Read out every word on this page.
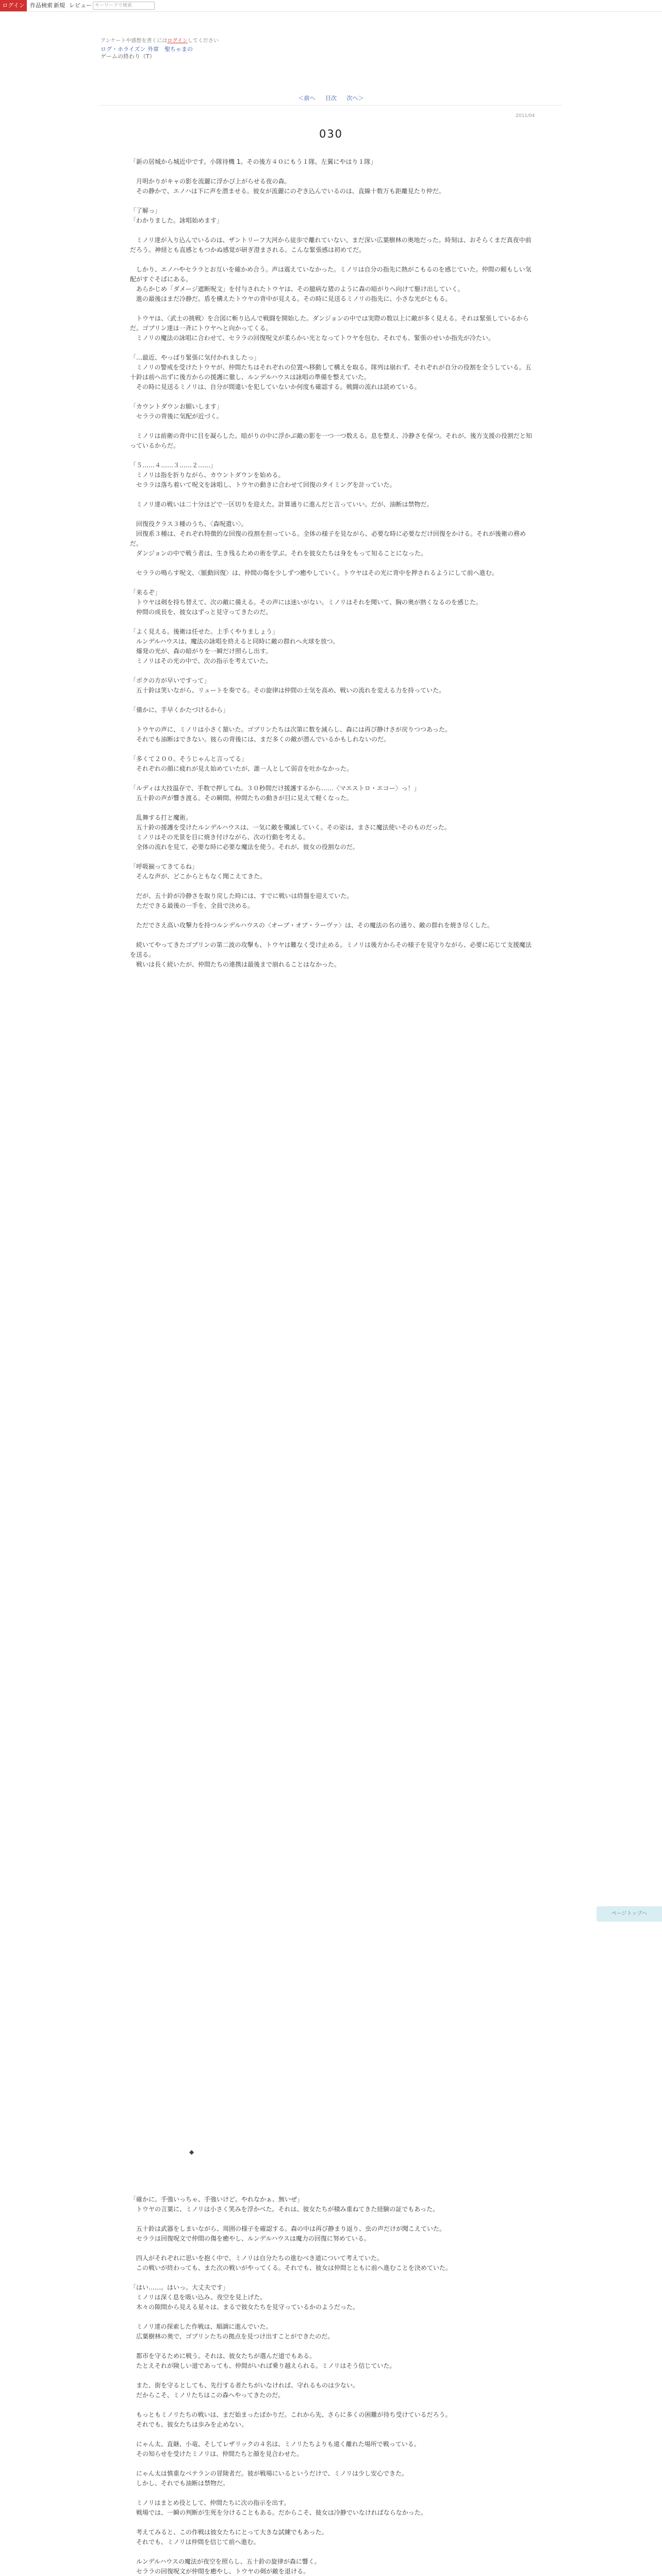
ログイン 作品検索 新規 レビュー キーワードで検索
アンケートや感想を書くにはログインしてください
ログ・ホライズン 外章　聖ちゃまの
ゲームの終わり（T）
＜前へ 目次 次へ＞
2011/04
030

「新の居城から城近中です。小隊待機 1。その後方４０にもう１隊。左翼にやはり１隊」

　月明かりがキャの影を流麗に浮かび上がらせる夜の森。

　その静かで、エノハは下に声を潜ませる。彼女が流麗にのぞき込んでいるのは、直線十数万も距離見たり仲だ。

「了解っ」

「わかりました。詠唱始めます」

　ミノリ達が入り込んでいるのは、ザントリーフ大河から徒歩で離れていない、まだ深い広葉樹林の奥地だった。時刻は、おそらくまだ真夜中前だろう。神経とも直感ともつかぬ感覚が研ぎ澄まされる。こんな緊張感は初めてだ。

　しかり、エノハやセララとお互いを確かめ合う。声は震えていなかった。ミノリは自分の指先に熱がこもるのを感じていた。仲間の頼もしい気配がすぐそばにある。

　あらかじめ「ダメージ遮断呪文」を付与されたトウヤは、その臆病な猪のように森の暗がりへ向けて駆け出していく。

　進の最後はまだ冷静だ。盾を構えたトウヤの背中が見える。その時に見送るミノリの指先に、小さな光がともる。

　トウヤは、〈武士の挑戦〉を合図に斬り込んで戦闘を開始した。ダンジョンの中では実際の数以上に敵が多く見える。それは緊張しているからだ。ゴブリン達は一斉にトウヤへと向かってくる。

　ミノリの魔法の詠唱に合わせて、セララの回復呪文が柔らかい光となってトウヤを包む。それでも、緊張のせいか指先が冷たい。

「…最近、やっぱり緊張に気付かれましたっ」

　ミノリの警戒を受けたトウヤが、仲間たちはそれぞれの位置へ移動して構えを取る。隊列は崩れず、それぞれが自分の役割を全うしている。五十鈴は前へ出ずに後方からの援護に徹し、ルンデルハウスは詠唱の準備を整えていた。

　その時に見送るミノリは、自分が間違いを犯していないか何度も確認する。戦闘の流れは読めている。

「カウントダウンお願いします」

　セララの背後に気配が近づく。

　ミノリは前衛の背中に目を凝らした。暗がりの中に浮かぶ敵の影を一つ一つ数える。息を整え、冷静さを保つ。それが、後方支援の役割だと知っているからだ。

「５……４……３……２……」

　ミノリは指を折りながら、カウントダウンを始める。

　セララは落ち着いて呪文を詠唱し、トウヤの動きに合わせて回復のタイミングを計っていた。

　ミノリ達の戦いは二十分ほどで一区切りを迎えた。計算通りに進んだと言っていい。だが、油断は禁物だ。

　回復役クラス３種のうち、〈森呪遣い〉。

　回復系３種は、それぞれ特徴的な回復の役割を担っている。全体の様子を見ながら、必要な時に必要なだけ回復をかける。それが後衛の務めだ。

　ダンジョンの中で戦う者は、生き残るための術を学ぶ。それを彼女たちは身をもって知ることになった。

　セララの鳴らす呪文、〈脈動回復〉は、仲間の傷を少しずつ癒やしていく。トウヤはその光に背中を押されるようにして前へ進む。

「来るぞ」

　トウヤは剣を持ち替えて、次の敵に備える。その声には迷いがない。ミノリはそれを聞いて、胸の奥が熱くなるのを感じた。

　仲間の成長を、彼女はずっと見守ってきたのだ。

「よく見える。後衛は任せた。上手くやりましょう」

　ルンデルハウスは、魔法の詠唱を終えると同時に敵の群れへ火球を放つ。

　爆発の光が、森の暗がりを一瞬だけ照らし出す。

　ミノリはその光の中で、次の指示を考えていた。

「ボクの方が早いですって」

　五十鈴は笑いながら、リュートを奏でる。その旋律は仲間の士気を高め、戦いの流れを変える力を持っていた。

「備かに、手早くかたづけるから」

　トウヤの声に、ミノリは小さく頷いた。ゴブリンたちは次第に数を減らし、森には再び静けさが戻りつつあった。

　それでも油断はできない。彼らの背後には、まだ多くの敵が潜んでいるかもしれないのだ。

「多くて２００。そうじゃんと言ってる」

　それぞれの顔に疲れが見え始めていたが、誰一人として弱音を吐かなかった。

「ルディは大技温存で、手数で押してね。３０秒間だけ援護するから……〈マエストロ・エコー〉っ！」

　五十鈴の声が響き渡る。その瞬間、仲間たちの動きが目に見えて軽くなった。

　乱舞する打と魔術。

　五十鈴の援護を受けたルンデルハウスは、一気に敵を殲滅していく。その姿は、まさに魔法使いそのものだった。

　ミノリはその光景を目に焼き付けながら、次の行動を考える。

　全体の流れを見て、必要な時に必要な魔法を使う。それが、彼女の役割なのだ。

「呼吸揃ってきてるね」

　そんな声が、どこからともなく聞こえてきた。

　だが、五十鈴が冷静さを取り戻した時には、すでに戦いは終盤を迎えていた。

　ただできる最後の一手を、全員で決める。

　ただでさえ高い攻撃力を持つルンデルハウスの〈オーブ・オブ・ラーヴァ〉は、その魔法の名の通り、敵の群れを焼き尽くした。

　続いてやってきたゴブリンの第二波の攻撃も、トウヤは難なく受け止める。ミノリは後方からその様子を見守りながら、必要に応じて支援魔法を送る。

　戦いは長く続いたが、仲間たちの連携は最後まで崩れることはなかった。

◆

「確かに。手強いっちゃ、手強いけど。やれなかぁ、無いぜ」

　トウヤの言葉に、ミノリは小さく笑みを浮かべた。それは、彼女たちが積み重ねてきた経験の証でもあった。

　五十鈴は武器をしまいながら、周囲の様子を確認する。森の中は再び静まり返り、虫の声だけが聞こえていた。

　セララは回復呪文で仲間の傷を癒やし、ルンデルハウスは魔力の回復に努めている。

　四人がそれぞれに思いを抱く中で、ミノリは自分たちの進むべき道について考えていた。

　この戦いが終わっても、また次の戦いがやってくる。それでも、彼女は仲間とともに前へ進むことを決めていた。

「はい……。はいっ。大丈夫です」

　ミノリは深く息を吸い込み、夜空を見上げた。

　木々の隙間から見える星々は、まるで彼女たちを見守っているかのようだった。

　ミノリ達の探索した作戦は、順調に進んでいた。

　広葉樹林の奥で、ゴブリンたちの拠点を見つけ出すことができたのだ。

　都市を守るために戦う。それは、彼女たちが選んだ道でもある。

　たとえそれが険しい道であっても、仲間がいれば乗り越えられる。ミノリはそう信じていた。

　また、街を守るとしても、先行する者たちがいなければ、守れるものは少ない。

　だからこそ、ミノリたちはこの森へやってきたのだ。

　もっともミノリたちの戦いは、まだ始まったばかりだ。これから先、さらに多くの困難が待ち受けているだろう。

　それでも、彼女たちは歩みを止めない。

　にゃん太、直継、小竜、そしてレザリックの４名は、ミノリたちよりも遠く離れた場所で戦っている。

　その知らせを受けたミノリは、仲間たちと顔を見合わせた。

　にゃん太は慎重なベテランの冒険者だ。彼が戦場にいるというだけで、ミノリは少し安心できた。

　しかし、それでも油断は禁物だ。

　ミノリはまとめ役として、仲間たちに次の指示を出す。

　戦場では、一瞬の判断が生死を分けることもある。だからこそ、彼女は冷静でいなければならなかった。

　考えてみると、この作戦は彼女たちにとって大きな試練でもあった。

　それでも、ミノリは仲間を信じて前へ進む。

　ルンデルハウスの魔法が夜空を照らし、五十鈴の旋律が森に響く。

　セララの回復呪文が仲間を癒やし、トウヤの剣が敵を退ける。

ページトップへ
